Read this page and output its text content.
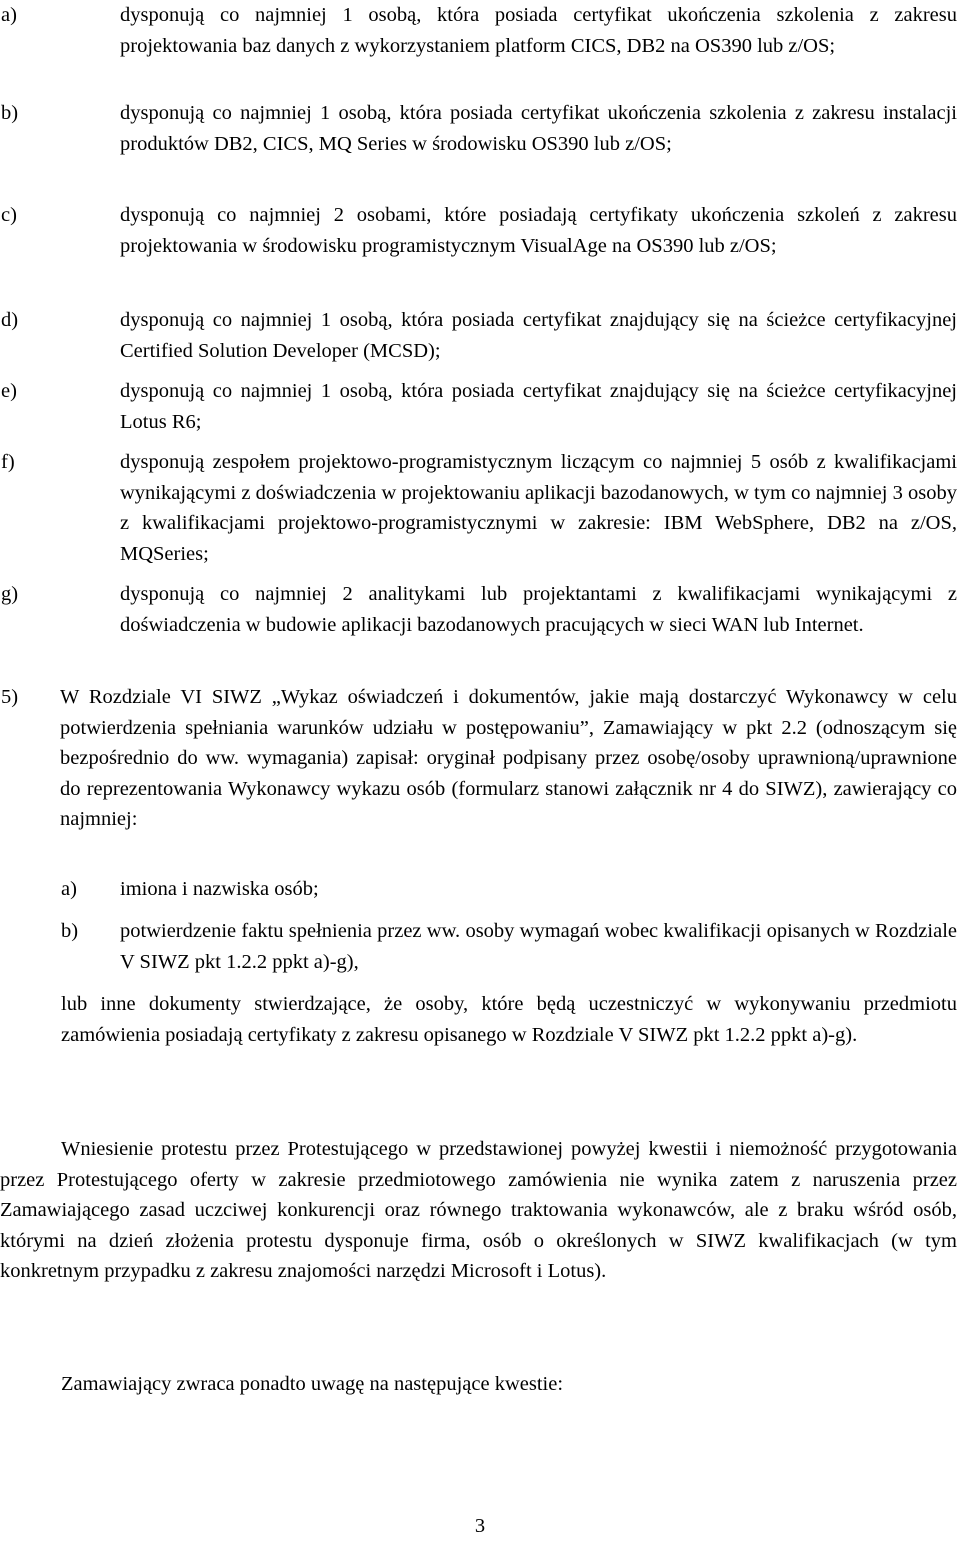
a)	dysponują co najmniej 1 osobą, która posiada certyfikat ukończenia szkolenia z zakresu projektowania baz danych z wykorzystaniem platform CICS, DB2 na OS390 lub z/OS;
b)	dysponują co najmniej 1 osobą, która posiada certyfikat ukończenia szkolenia z zakresu instalacji produktów DB2, CICS, MQ Series w środowisku OS390 lub z/OS;
c)	dysponują co najmniej 2 osobami, które posiadają certyfikaty ukończenia szkoleń z zakresu projektowania w środowisku programistycznym VisualAge na OS390 lub z/OS;
d)	dysponują co najmniej 1 osobą, która posiada certyfikat znajdujący się na ścieżce certyfikacyjnej Certified Solution Developer (MCSD);
e)	dysponują co najmniej 1 osobą, która posiada certyfikat znajdujący się na ścieżce certyfikacyjnej Lotus R6;
f)	dysponują zespołem projektowo-programistycznym liczącym co najmniej 5 osób z kwalifikacjami wynikającymi z doświadczenia w projektowaniu aplikacji bazodanowych, w tym co najmniej 3 osoby z kwalifikacjami projektowo-programistycznymi w zakresie: IBM WebSphere, DB2 na z/OS, MQSeries;
g)	dysponują co najmniej 2 analitykami lub projektantami z kwalifikacjami wynikającymi z doświadczenia w budowie aplikacji bazodanowych pracujących w sieci WAN lub Internet.
5) W Rozdziale VI SIWZ „Wykaz oświadczeń i dokumentów, jakie mają dostarczyć Wykonawcy w celu potwierdzenia spełniania warunków udziału w postępowaniu”, Zamawiający w pkt 2.2 (odnoszącym się bezpośrednio do ww. wymagania) zapisał: oryginał podpisany przez osobę/osoby uprawnioną/uprawnione do reprezentowania Wykonawcy wykazu osób (formularz stanowi załącznik nr 4 do SIWZ), zawierający co najmniej:
a) imiona i nazwiska osób;
b) potwierdzenie faktu spełnienia przez ww. osoby wymagań wobec kwalifikacji opisanych w Rozdziale V SIWZ pkt 1.2.2 ppkt a)-g),
lub inne dokumenty stwierdzające, że osoby, które będą uczestniczyć w wykonywaniu przedmiotu zamówienia posiadają certyfikaty z zakresu opisanego w Rozdziale V SIWZ pkt 1.2.2 ppkt a)-g).
Wniesienie protestu przez Protestującego w przedstawionej powyżej kwestii i niemożność przygotowania przez Protestującego oferty w zakresie przedmiotowego zamówienia nie wynika zatem z naruszenia przez Zamawiającego zasad uczciwej konkurencji oraz równego traktowania wykonawców, ale z braku wśród osób, którymi na dzień złożenia protestu dysponuje firma, osób o określonych w SIWZ kwalifikacjach (w tym konkretnym przypadku z zakresu znajomości narzędzi Microsoft i Lotus).
Zamawiający zwraca ponadto uwagę na następujące kwestie:
3
